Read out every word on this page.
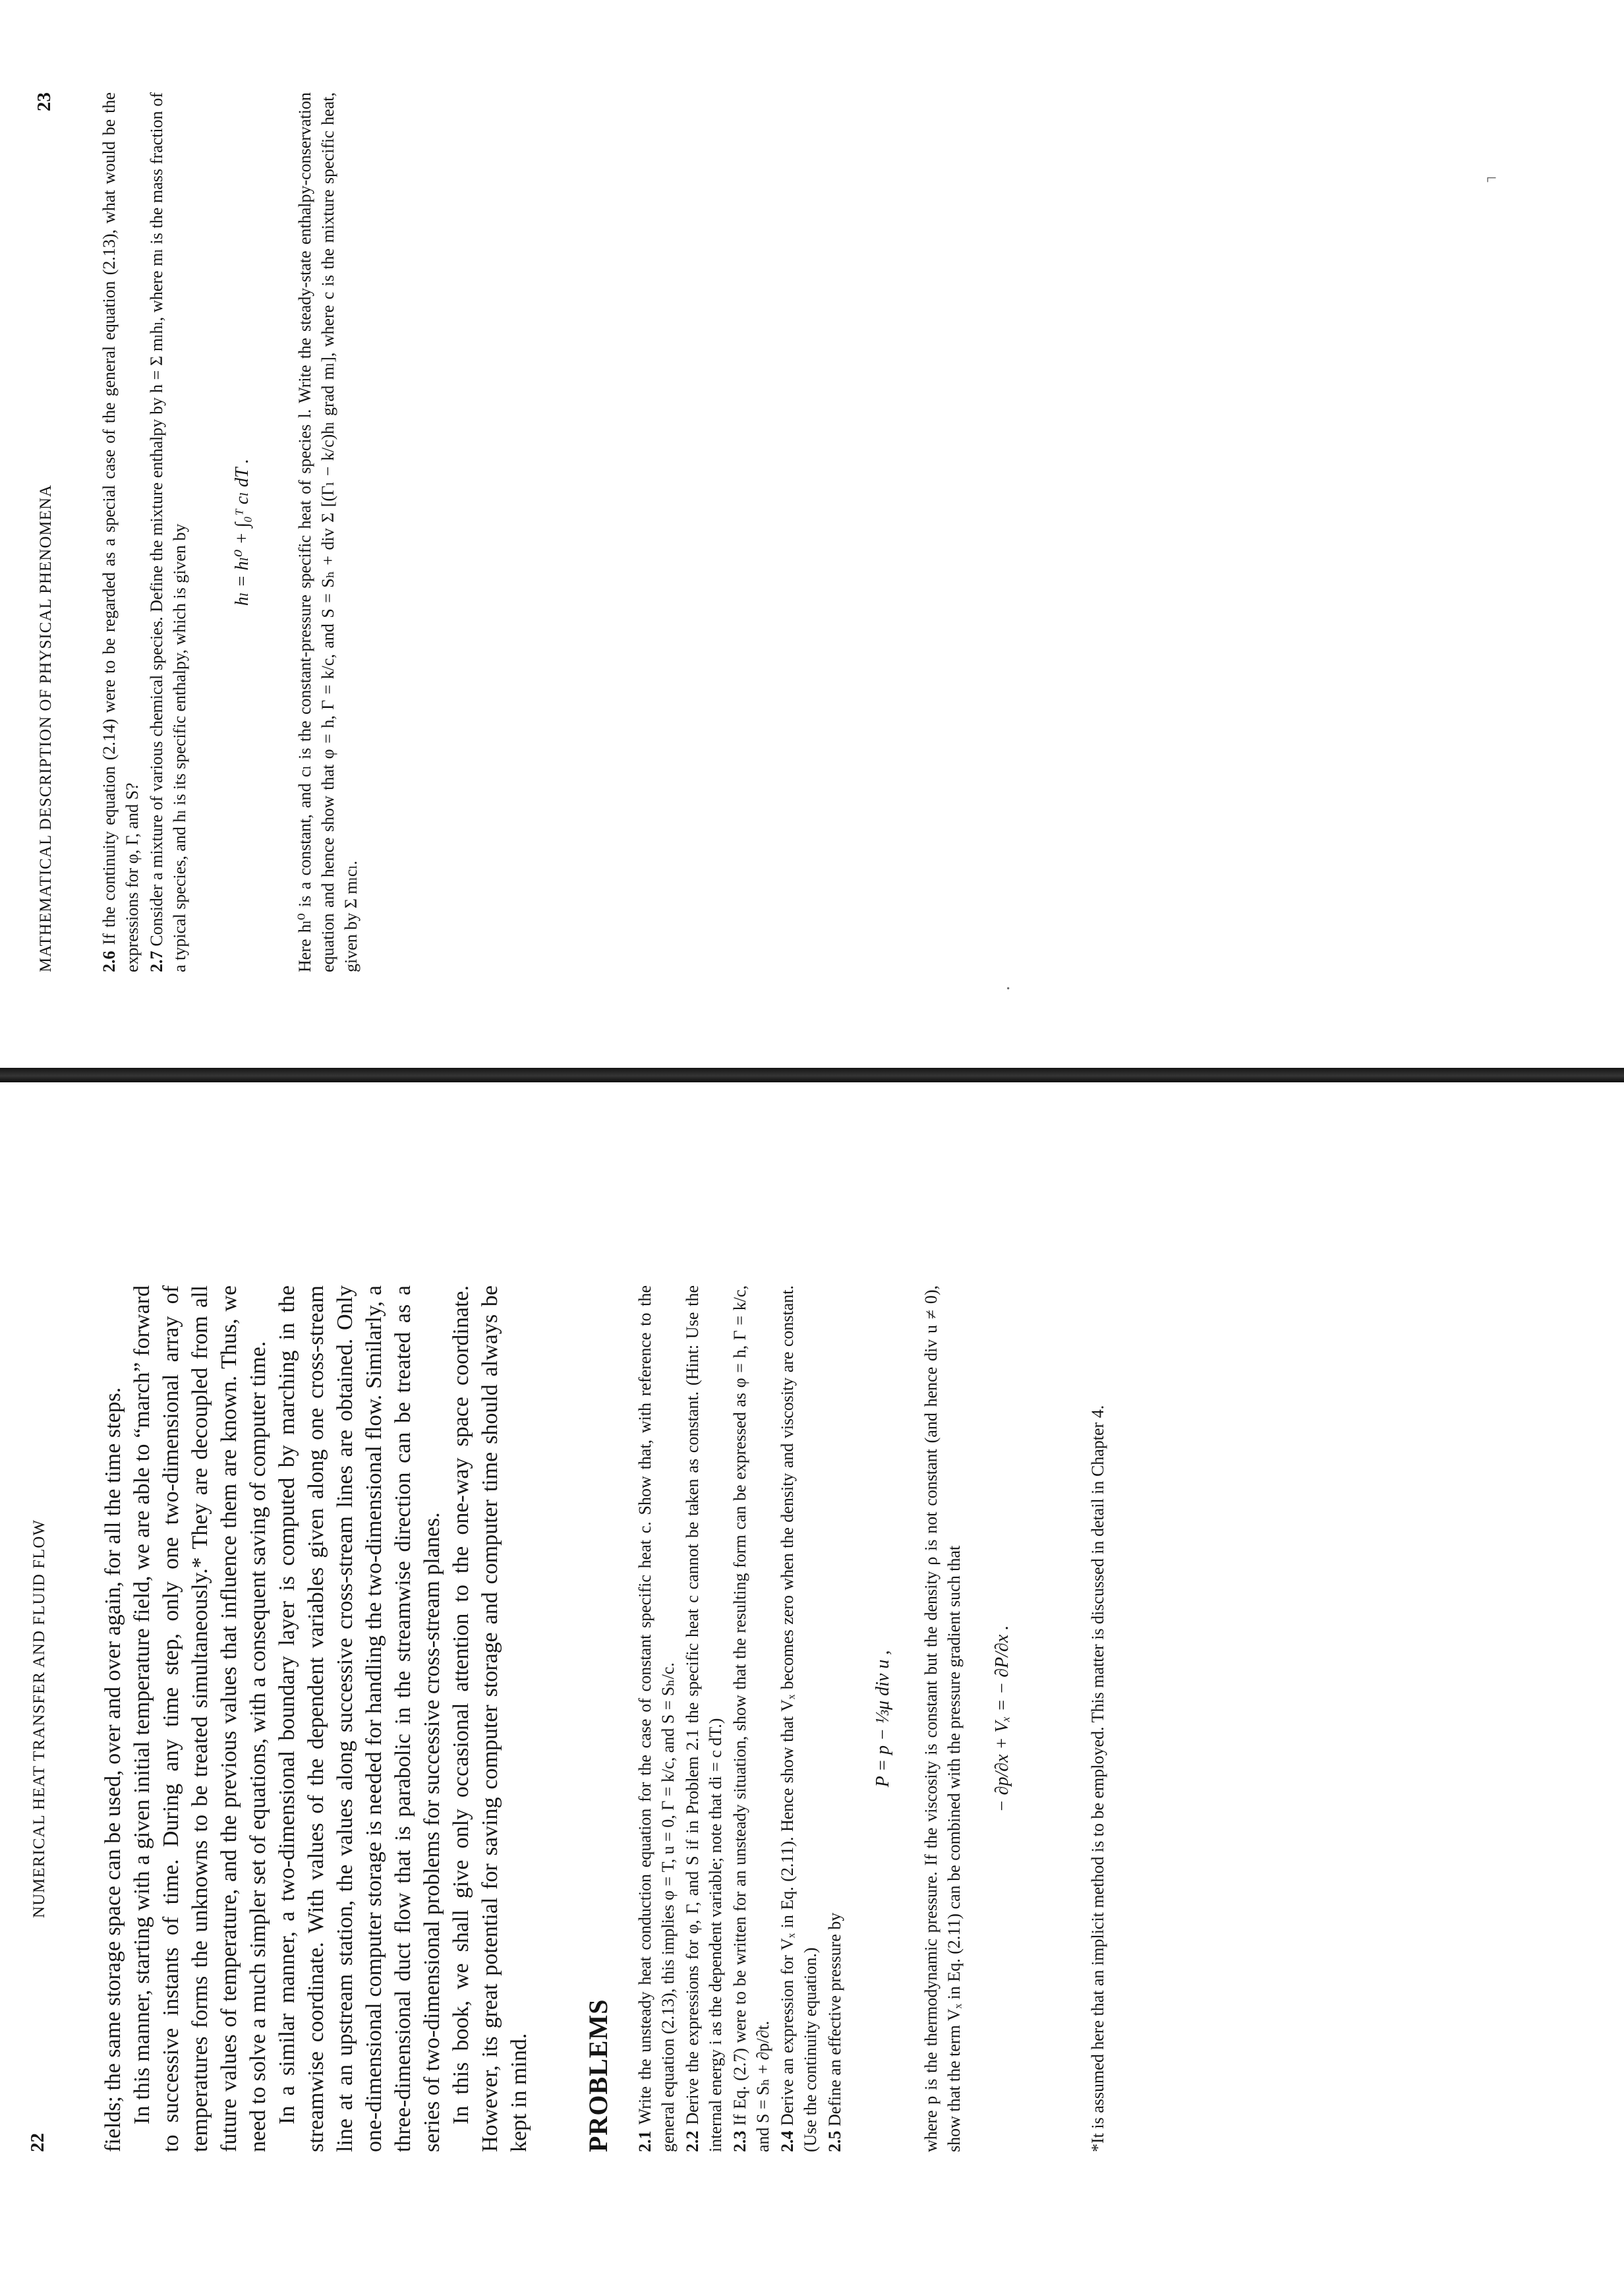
·
⌐
22
NUMERICAL HEAT TRANSFER AND FLUID FLOW fields; the same storage space can be used, over and over again, for all the time steps. In this manner, starting with a given initial temperature field, we are able to “march” forward to successive instants of time. During any time step, only one two-dimensional array of temperatures forms the unknowns to be treated simultaneously.* They are decoupled from all future values of temperature, and the previous values that influence them are known. Thus, we need to solve a much simpler set of equations, with a consequent saving of computer time. In a similar manner, a two-dimensional boundary layer is computed by marching in the streamwise coordinate. With values of the dependent variables given along one cross-stream line at an upstream station, the values along successive cross-stream lines are obtained. Only one-dimensional computer storage is needed for handling the two-dimensional flow. Similarly, a three-dimensional duct flow that is parabolic in the streamwise direction can be treated as a series of two-dimensional problems for successive cross-stream planes. In this book, we shall give only occasional attention to the one-way space coordinate. However, its great potential for saving computer storage and computer time should always be kept in mind. PROBLEMS 2.1 Write the unsteady heat conduction equation for the case of constant specific heat c. Show that, with reference to the general equation (2.13), this implies φ = T, u = 0, Γ = k/c, and S = Sₕ/c. 2.2 Derive the expressions for φ, Γ, and S if in Problem 2.1 the specific heat c cannot be taken as constant. (Hint: Use the internal energy i as the dependent variable; note that di = c dT.) 2.3 If Eq. (2.7) were to be written for an unsteady situation, show that the resulting form can be expressed as φ = h, Γ = k/c, and S = Sₕ + ∂p/∂t. 2.4 Derive an expression for Vₓ in Eq. (2.11). Hence show that Vₓ becomes zero when the density and viscosity are constant. (Use the continuity equation.) 2.5 Define an effective pressure by

P = p − ⅓μ div u , where p is the thermodynamic pressure. If the viscosity is constant but the density ρ is not constant (and hence div u ≠ 0), show that the term Vₓ in Eq. (2.11) can be combined with the pressure gradient such that − ∂p/∂x + Vₓ = − ∂P/∂x .	*It is assumed here that an implicit method is to be employed. This matter is discussed in detail in Chapter 4.

MATHEMATICAL DESCRIPTION OF PHYSICAL PHENOMENA
23

2.6 If the continuity equation (2.14) were to be regarded as a special case of the general equation (2.13), what would be the expressions for φ, Γ, and S? 2.7 Consider a mixture of various chemical species. Define the mixture enthalpy by h = Σ mₗhₗ, where mₗ is the mass fraction of a typical species, and hₗ is its specific enthalpy, which is given by hₗ = hₗ⁰ + ∫₀ᵀ cₗ dT .	Here hₗ⁰ is a constant, and cₗ is the constant-pressure specific heat of species l. Write the steady-state enthalpy-conservation equation and hence show that φ = h, Γ = k/c, and S = Sₕ + div Σ [(Γₗ − k/c)hₗ grad mₗ], where c is the mixture specific heat, given by Σ mₗcₗ.
